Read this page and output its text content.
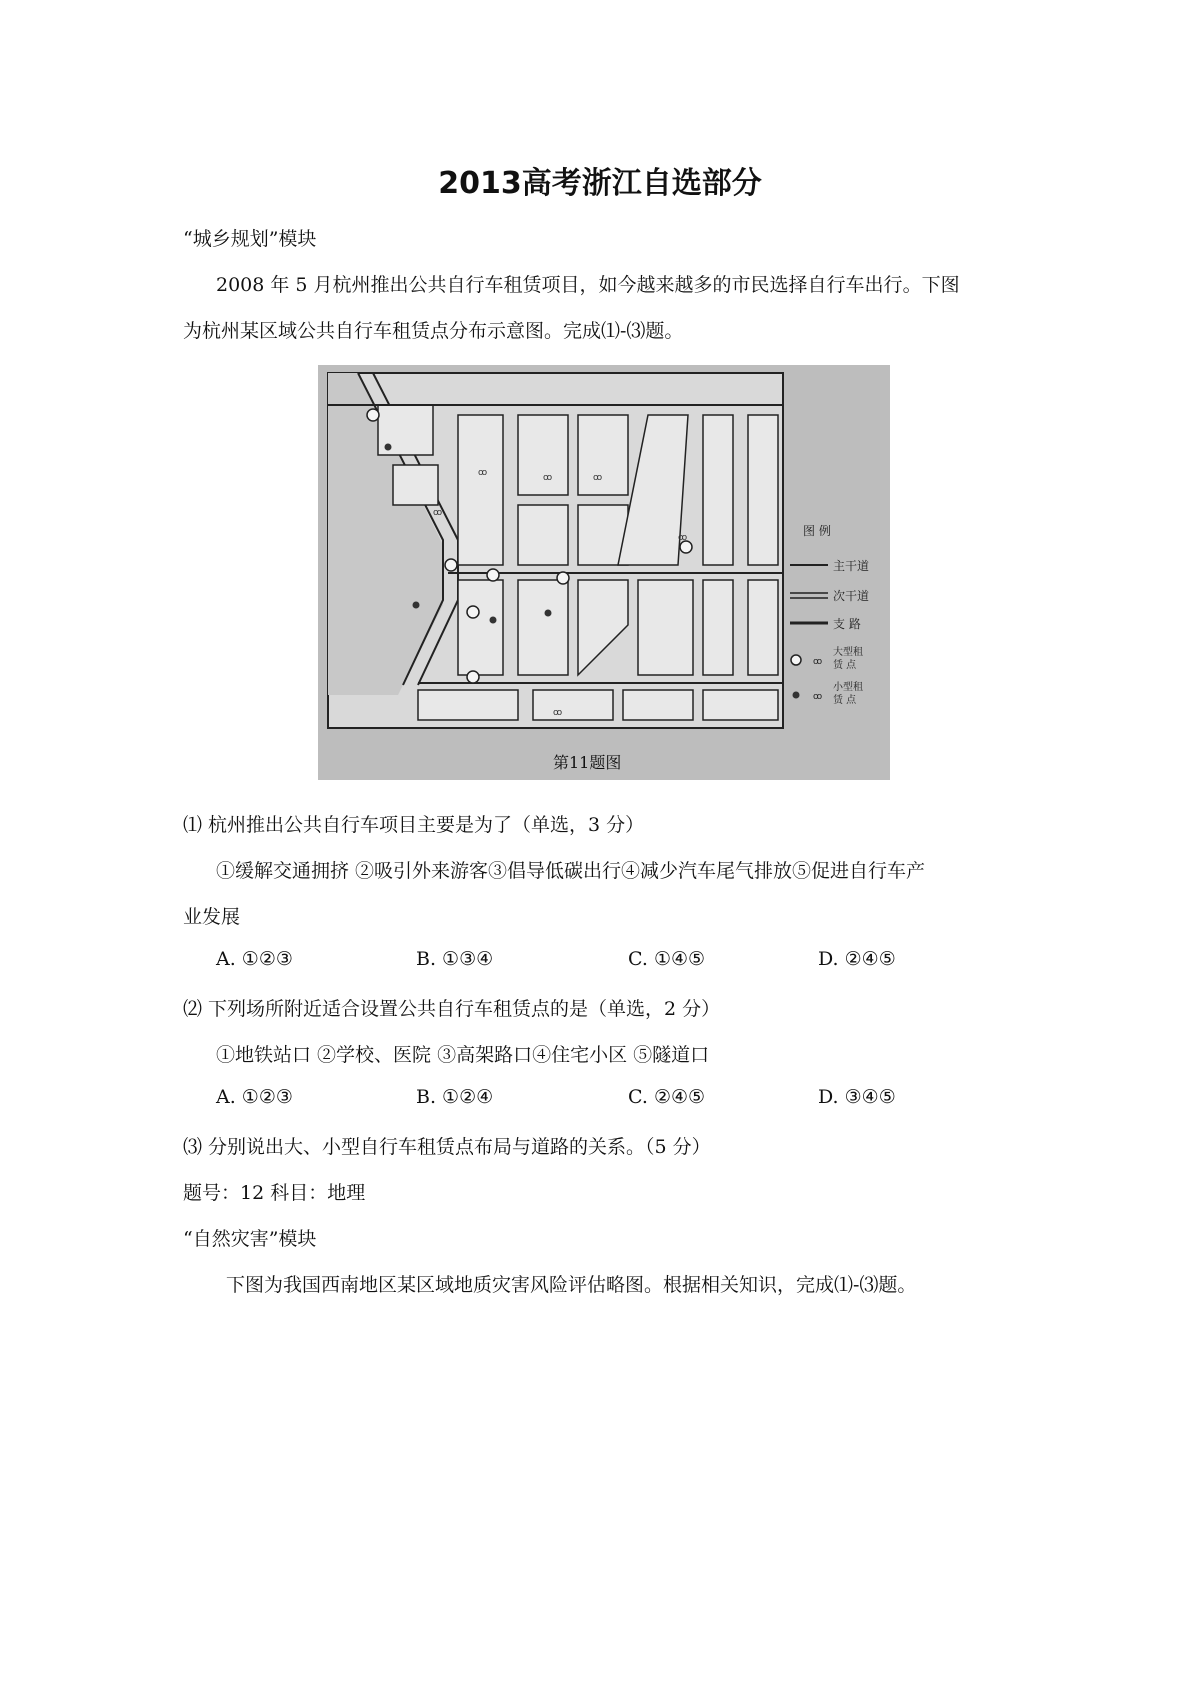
2013高考浙江自选部分
“城乡规划”模块
2008 年 5 月杭州推出公共自行车租赁项目，如今越来越多的市民选择自行车出行。下图
为杭州某区域公共自行车租赁点分布示意图。完成⑴-⑶题。
ꝏ	ꝏ	ꝏ
ꝏ
ꝏ
ꝏ
图 例
主干道
次干道
支 路
ꝏ
大型租
赁 点
ꝏ
小型租
赁 点
第11题图
⑴ 杭州推出公共自行车项目主要是为了（单选，3 分）
①缓解交通拥挤 ②吸引外来游客③倡导低碳出行④减少汽车尾气排放⑤促进自行车产
业发展
A. ①②③	B. ①③④	C. ①④⑤	D. ②④⑤
⑵ 下列场所附近适合设置公共自行车租赁点的是（单选，2 分）
①地铁站口 ②学校、医院 ③高架路口④住宅小区 ⑤隧道口
A. ①②③	B. ①②④	C. ②④⑤	D. ③④⑤
⑶ 分别说出大、小型自行车租赁点布局与道路的关系。（5 分）
题号：12 科目：地理
“自然灾害”模块
下图为我国西南地区某区域地质灾害风险评估略图。根据相关知识，完成⑴-⑶题。
